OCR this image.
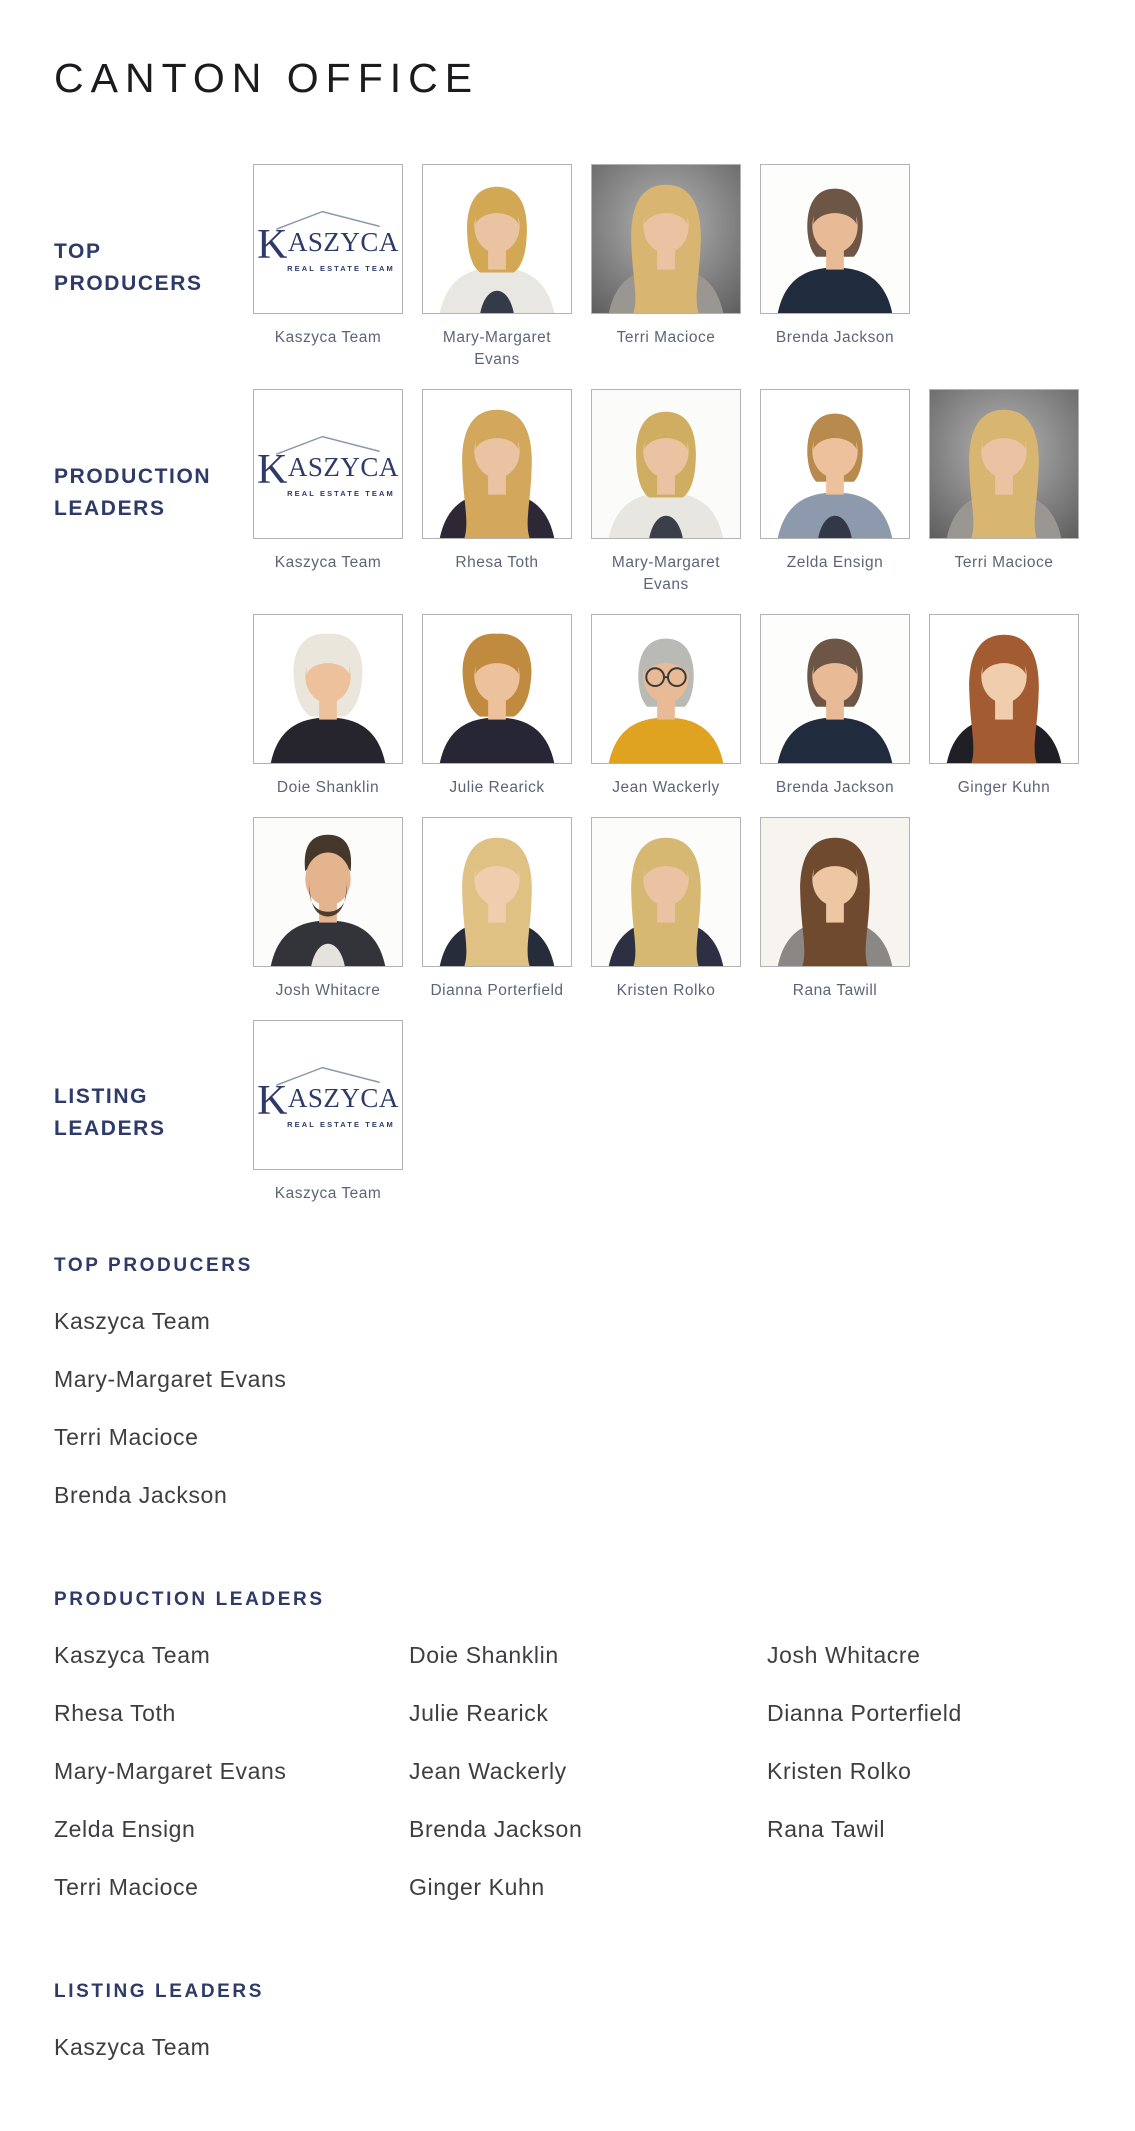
CANTON OFFICE
TOP
PRODUCERS
KASZYCA
REAL ESTATE TEAM
Kaszyca Team	Mary-Margaret Evans
Terri Macioce	Brenda Jackson
PRODUCTION
LEADERS
KASZYCA
REAL ESTATE TEAM
Kaszyca Team	Rhesa Toth	Mary-Margaret Evans
Zelda Ensign	Terri Macioce
Doie Shanklin	Julie Rearick	Jean Wackerly	Brenda Jackson	Ginger Kuhn
Josh Whitacre	Dianna Porterfield	Kristen Rolko	Rana Tawill
LISTING
LEADERS
KASZYCA
REAL ESTATE TEAM
Kaszyca Team
TOP PRODUCERS
Kaszyca Team
Mary-Margaret Evans
Terri Macioce
Brenda Jackson
PRODUCTION LEADERS
Kaszyca Team
Rhesa Toth
Mary-Margaret Evans
Zelda Ensign
Terri Macioce
Doie Shanklin
Julie Rearick
Jean Wackerly
Brenda Jackson
Ginger Kuhn
Josh Whitacre
Dianna Porterfield
Kristen Rolko
Rana Tawil
LISTING LEADERS
Kaszyca Team
